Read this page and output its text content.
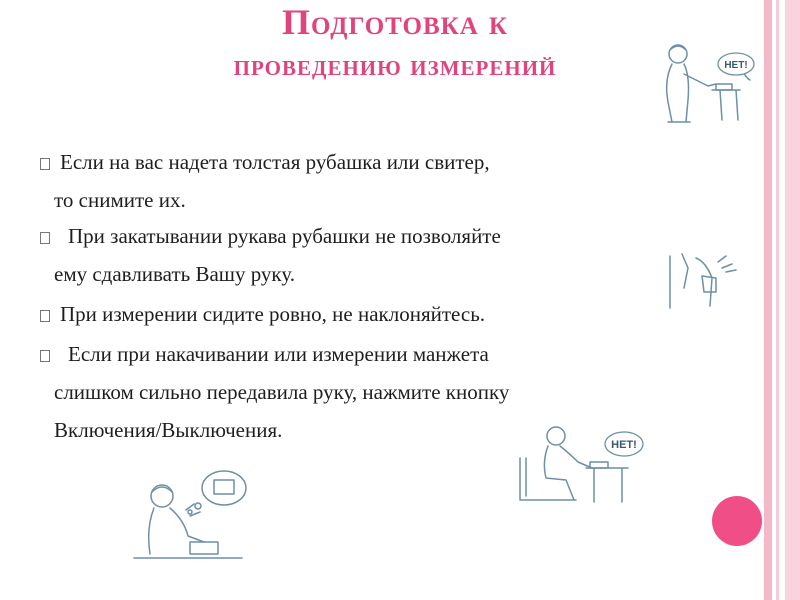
Подготовка к
проведению измерений
Если на вас надета толстая рубашка или свитер,
то снимите их.
При закатывании рукава рубашки не позволяйте
ему сдавливать Вашу руку.
При измерении сидите ровно, не наклоняйтесь.
Если при накачивании или измерении манжета
слишком сильно передавила руку, нажмите кнопку
Включения/Выключения.
НЕТ!
НЕТ!
